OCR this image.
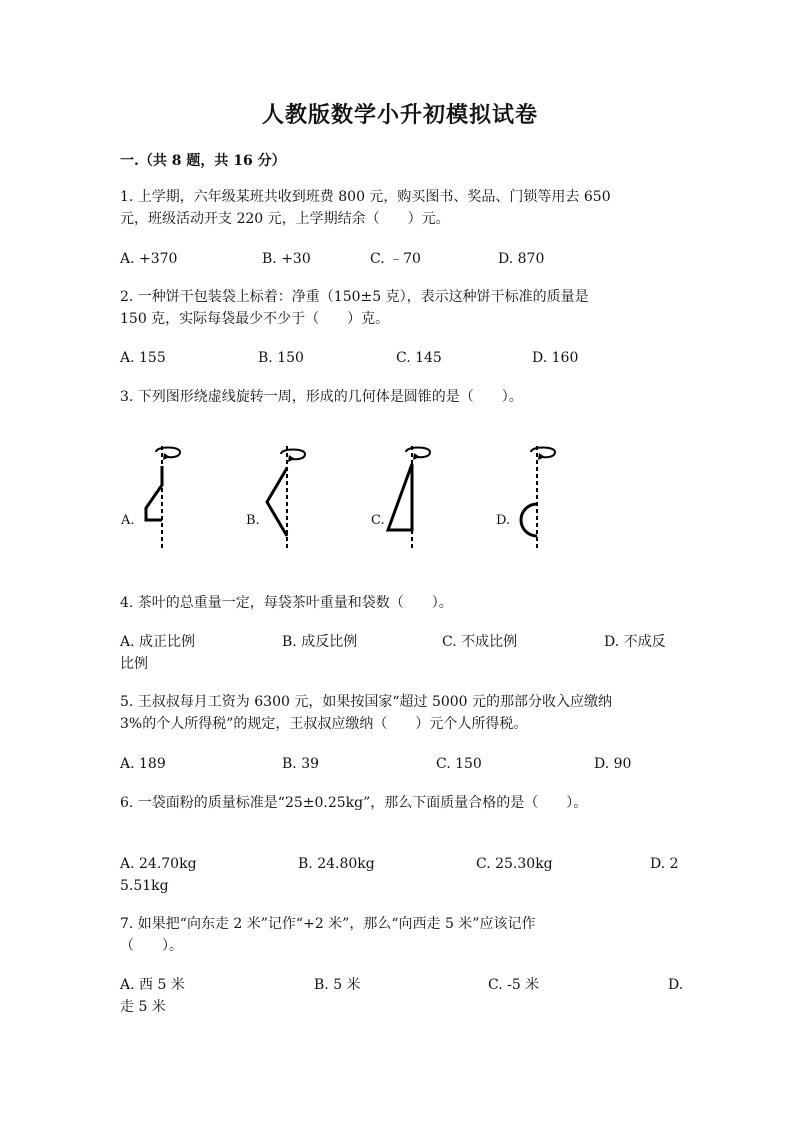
人教版数学小升初模拟试卷
一.（共 8 题，共 16 分）
1. 上学期，六年级某班共收到班费 800 元，购买图书、奖品、门锁等用去 650
元，班级活动开支 220 元，上学期结余（　　）元。
A. +370	B. +30	C. ﹣70	D. 870
2. 一种饼干包装袋上标着：净重（150±5 克），表示这种饼干标准的质量是
150 克，实际每袋最少不少于（　　）克。
A. 155	B. 150	C. 145	D. 160
3. 下列图形绕虚线旋转一周，形成的几何体是圆锥的是（　　）。
A.	B.	C.	D.
4. 茶叶的总重量一定，每袋茶叶重量和袋数（　　）。
A. 成正比例	B. 成反比例	C. 不成比例	D. 不成反
比例
5. 王叔叔每月工资为 6300 元，如果按国家“超过 5000 元的那部分收入应缴纳
3%的个人所得税”的规定，王叔叔应缴纳（　　）元个人所得税。
A. 189	B. 39	C. 150	D. 90
6. 一袋面粉的质量标准是“25±0.25kg”，那么下面质量合格的是（　　）。
A. 24.70kg	B. 24.80kg	C. 25.30kg	D. 2
5.51kg
7. 如果把“向东走 2 米”记作“+2 米”，那么“向西走 5 米”应该记作
（　　）。
A. 西 5 米	B. 5 米	C. -5 米	D.
走 5 米
